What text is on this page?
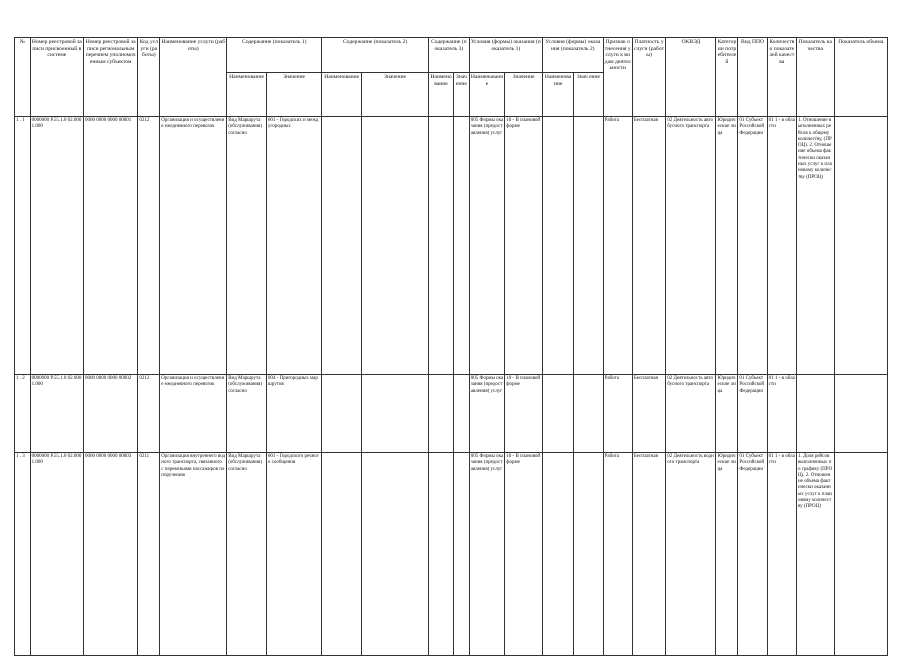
№	Номер реестровой записи присвоенный в системе	Номер реестровой записи региональным перечнем уполномоченным субъектом	Код услуги (работы)	Наименование услуги (работы)	Содержание (показатель 1)		Содержание (показатель 2)		Содержание (показатель 3)		Условия (формы) оказания (показатель 1)		Условия (формы) оказания (показатель 2)		Признак отнесения услуги к видам деятельности	Платность услуги (работы)	ОКВЭД	Категории потребителей	Вид ППО	Количество показателей качества	Показатель качества	Показатель объема
					Наименование	Значение	Наименование	Значение	Наименование	Знач ение	Наименование	Значение	Наименование	Знач ение								
1 . 1	0000000 Р.55.1.0 02.0001.000	0000 0000 0000 00001	0212	Организация и осуществление ежедневного перевозок	Вид Маршрута (обслуживания) согласно	001 - Городских и междугородных					005 Формы оказания (предоставления) услуг	10 - В плановой форме			Работа	Бесплатная	02 Деятельность автобусного транспорта	Юридические лица	01 Субъект Российской Федерации	01 1 - в области	1. Отношение выполненных рейсов к общему количеству, (ПРОЦ). 2. Отношение объема фактически оказанных услуг к плановому количеству (ПРОЦ)	
1 . 2	0000000 Р.55.1.0 02.0001.000	0000 0000 0000 00002	0212	Организация и осуществление ежедневного перевозок	Вид Маршрута (обслуживания) согласно	004 - Пригородных маршрутов					005 Формы оказания (предоставления) услуг	10 - В плановой форме			Работа	Бесплатная	02 Деятельность автобусного транспорта	Юридические лица	01 Субъект Российской Федерации	01 1 - в области		
1 . 3	0000000 Р.55.1.0 02.0001.000	0000 0000 0000 00003	0211	Организация внутреннего водного транспорта, связанного с перевозками пассажиров по поручению	Вид Маршрута (обслуживания) согласно	001 - Городского речного сообщения					005 Формы оказания (предоставления) услуг	10 - В плановой форме			Работа	Бесплатная	02 Деятельность водного транспорта	Юридические лица	01 Субъект Российской Федерации	01 1 - в области	1. Доля рейсов выполненных по графику (ПРОЦ). 2. Отношение объема фактически оказанных услуг к плановому количеству (ПРОЦ)	
